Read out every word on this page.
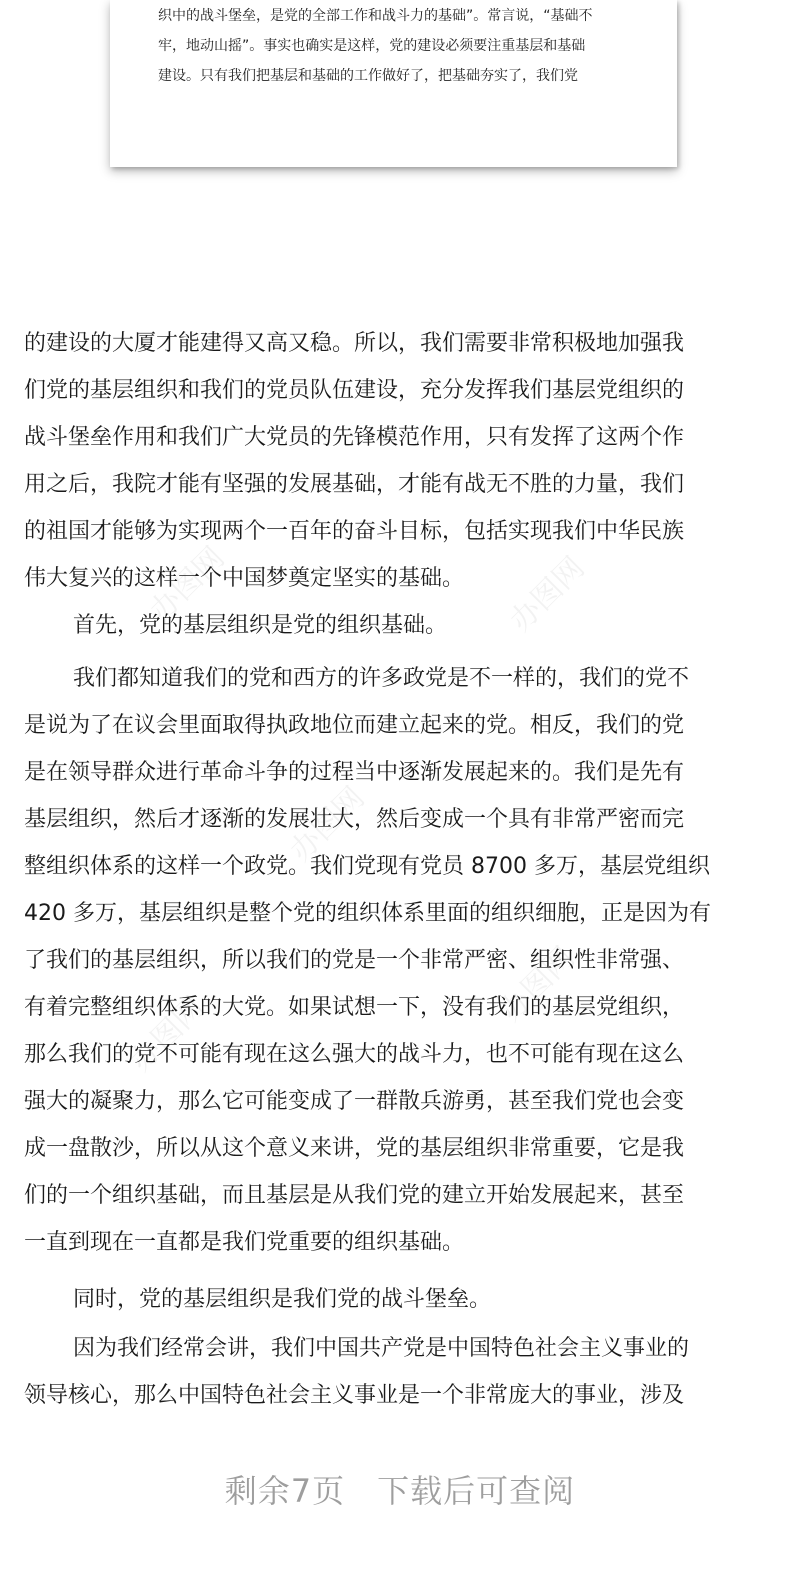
织中的战斗堡垒，是党的全部工作和战斗力的基础”。常言说，“基础不
牢，地动山摇”。事实也确实是这样，党的建设必须要注重基层和基础
建设。只有我们把基层和基础的工作做好了，把基础夯实了，我们党
的建设的大厦才能建得又高又稳。所以，我们需要非常积极地加强我
们党的基层组织和我们的党员队伍建设，充分发挥我们基层党组织的
战斗堡垒作用和我们广大党员的先锋模范作用，只有发挥了这两个作
用之后，我院才能有坚强的发展基础，才能有战无不胜的力量，我们
的祖国才能够为实现两个一百年的奋斗目标，包括实现我们中华民族
伟大复兴的这样一个中国梦奠定坚实的基础。
首先，党的基层组织是党的组织基础。
我们都知道我们的党和西方的许多政党是不一样的，我们的党不
是说为了在议会里面取得执政地位而建立起来的党。相反，我们的党
是在领导群众进行革命斗争的过程当中逐渐发展起来的。我们是先有
基层组织，然后才逐渐的发展壮大，然后变成一个具有非常严密而完
整组织体系的这样一个政党。我们党现有党员 8700 多万，基层党组织
420 多万，基层组织是整个党的组织体系里面的组织细胞，正是因为有
了我们的基层组织，所以我们的党是一个非常严密、组织性非常强、
有着完整组织体系的大党。如果试想一下，没有我们的基层党组织，
那么我们的党不可能有现在这么强大的战斗力，也不可能有现在这么
强大的凝聚力，那么它可能变成了一群散兵游勇，甚至我们党也会变
成一盘散沙，所以从这个意义来讲，党的基层组织非常重要，它是我
们的一个组织基础，而且基层是从我们党的建立开始发展起来，甚至
一直到现在一直都是我们党重要的组织基础。
同时，党的基层组织是我们党的战斗堡垒。
因为我们经常会讲，我们中国共产党是中国特色社会主义事业的
领导核心，那么中国特色社会主义事业是一个非常庞大的事业，涉及
办图网	办图网
办图网
办图网
办图网
剩余7页 下载后可查阅
